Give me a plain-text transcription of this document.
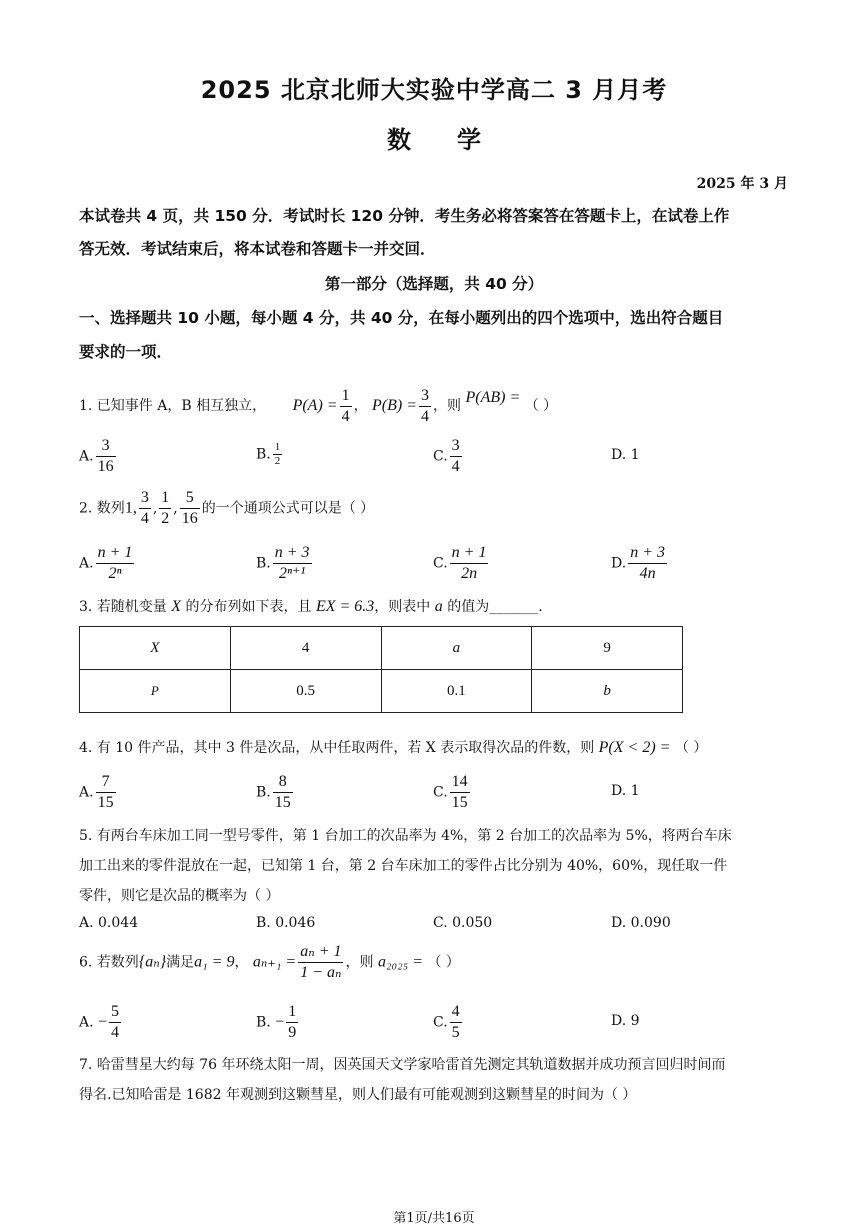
2025 北京北师大实验中学高二 3 月月考
数学
2025 年 3 月
本试卷共 4 页，共 150 分．考试时长 120 分钟．考生务必将答案答在答题卡上，在试卷上作
答无效．考试结束后，将本试卷和答题卡一并交回．
第一部分（选择题，共 40 分）
一、选择题共 10 小题，每小题 4 分，共 40 分，在每小题列出的四个选项中，选出符合题目
要求的一项．
1. 已知事件 A，B 相互独立， $P(A) = \frac{1}{4}$ ， $P(B) = \frac{3}{4}$ ，则 P(AB) = （ ）
A. $\frac{3}{16}$	B. $\frac{1}{2}$	C. $\frac{3}{4}$	D. 1
2. 数列1, $\frac{3}{4}$ , $\frac{1}{2}$ , $\frac{5}{16}$ 的一个通项公式可以是（ ）
A. $\frac{n + 1}{\text{2ⁿ}}$	B. $\frac{n + 3}{\text{2ⁿ⁺¹}}$	C. $\frac{n + 1}{2n}$	D. $\frac{n + 3}{4n}$
3. 若随机变量 X 的分布列如下表，且 EX = 6.3，则表中 a 的值为_______.
X	4	a	9
P	0.5	0.1	b
4. 有 10 件产品，其中 3 件是次品，从中任取两件，若 X 表示取得次品的件数，则 P(X < 2) = （ ）
A. $\frac{7}{15}$	B. $\frac{8}{15}$	C. $\frac{14}{15}$	D. 1
5. 有两台车床加工同一型号零件，第 1 台加工的次品率为 4%，第 2 台加工的次品率为 5%，将两台车床
加工出来的零件混放在一起，已知第 1 台，第 2 台车床加工的零件占比分别为 40%，60%，现任取一件
零件，则它是次品的概率为（ ）
A. 0.044	B. 0.046	C. 0.050	D. 0.090
6. 若数列{aₙ}满足a₁ = 9， $a_{n+1} = \frac{\text{aₙ + 1}}{\text{1 − aₙ}}$ ，则 a₂₀₂₅ = （ ）
A. − $\frac{5}{4}$	B. − $\frac{1}{9}$	C. $\frac{4}{5}$	D. 9
7. 哈雷彗星大约每 76 年环绕太阳一周，因英国天文学家哈雷首先测定其轨道数据并成功预言回归时间而
得名.已知哈雷是 1682 年观测到这颗彗星，则人们最有可能观测到这颗彗星的时间为（ ）
第1页/共16页
